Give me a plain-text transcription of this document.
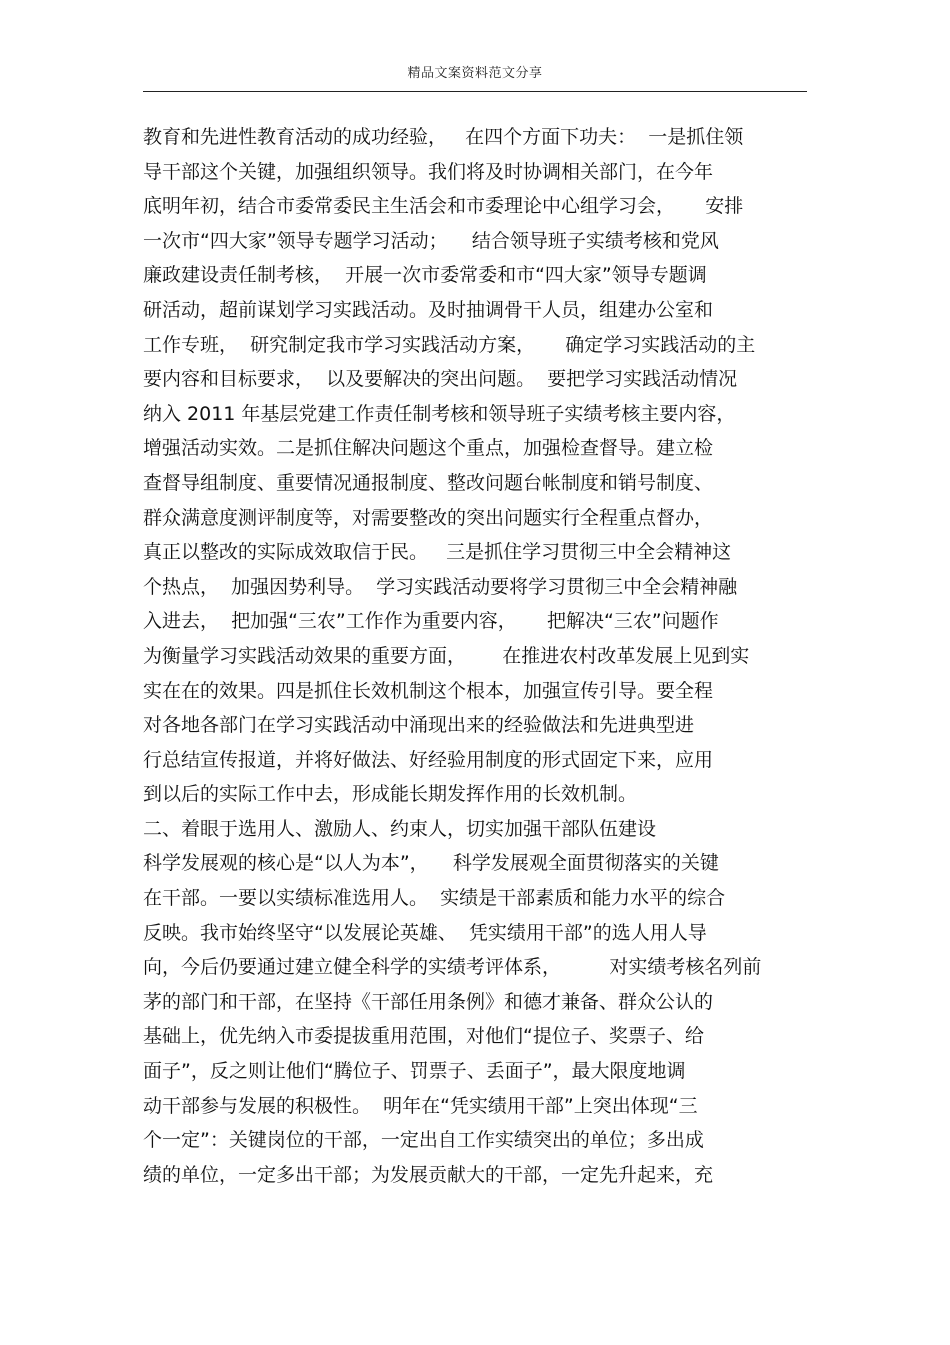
精品文案资料范文分享
教育和先进性教育活动的成功经验，   在四个方面下功夫：  一是抓住领
导干部这个关键，加强组织领导。我们将及时协调相关部门，在今年
底明年初，结合市委常委民主生活会和市委理论中心组学习会，     安排
一次市“四大家”领导专题学习活动；    结合领导班子实绩考核和党风
廉政建设责任制考核，  开展一次市委常委和市“四大家”领导专题调
研活动，超前谋划学习实践活动。及时抽调骨干人员，组建办公室和
工作专班，  研究制定我市学习实践活动方案，     确定学习实践活动的主
要内容和目标要求，  以及要解决的突出问题。  要把学习实践活动情况
纳入 2011 年基层党建工作责任制考核和领导班子实绩考核主要内容，
增强活动实效。二是抓住解决问题这个重点，加强检查督导。建立检
查督导组制度、重要情况通报制度、整改问题台帐制度和销号制度、
群众满意度测评制度等，对需要整改的突出问题实行全程重点督办，
真正以整改的实际成效取信于民。   三是抓住学习贯彻三中全会精神这
个热点，  加强因势利导。  学习实践活动要将学习贯彻三中全会精神融
入进去，  把加强“三农”工作作为重要内容，     把解决“三农”问题作
为衡量学习实践活动效果的重要方面，      在推进农村改革发展上见到实
实在在的效果。四是抓住长效机制这个根本，加强宣传引导。要全程
对各地各部门在学习实践活动中涌现出来的经验做法和先进典型进
行总结宣传报道，并将好做法、好经验用制度的形式固定下来，应用
到以后的实际工作中去，形成能长期发挥作用的长效机制。
二、着眼于选用人、激励人、约束人，切实加强干部队伍建设
科学发展观的核心是“以人为本”，    科学发展观全面贯彻落实的关键
在干部。一要以实绩标准选用人。  实绩是干部素质和能力水平的综合
反映。我市始终坚守“以发展论英雄、  凭实绩用干部”的选人用人导
向，今后仍要通过建立健全科学的实绩考评体系，        对实绩考核名列前
茅的部门和干部，在坚持《干部任用条例》和德才兼备、群众公认的
基础上，优先纳入市委提拔重用范围，对他们“提位子、奖票子、给
面子”，反之则让他们“腾位子、罚票子、丢面子”，最大限度地调
动干部参与发展的积极性。  明年在“凭实绩用干部”上突出体现“三
个一定”：关键岗位的干部，一定出自工作实绩突出的单位；多出成
绩的单位，一定多出干部；为发展贡献大的干部，一定先升起来，充
